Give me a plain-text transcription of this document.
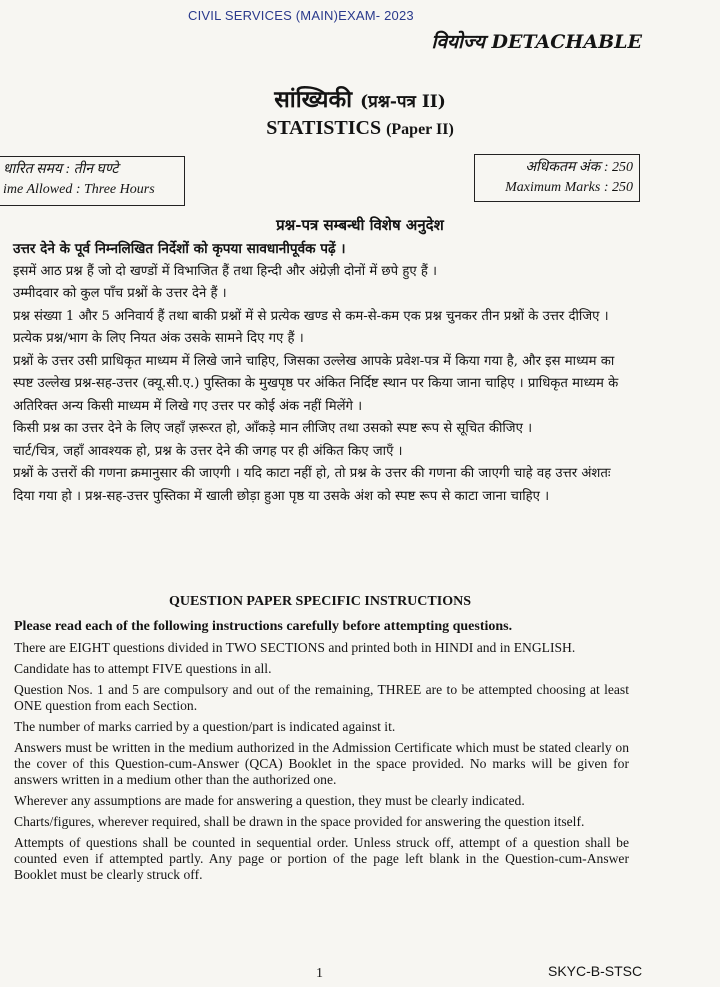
CIVIL SERVICES (MAIN)EXAM- 2023
वियोज्य DETACHABLE
सांख्यिकी (प्रश्न-पत्र II)
STATISTICS (Paper II)
धारित समय : तीन घण्टे
ime Allowed : Three Hours
अधिकतम अंक : 250
Maximum Marks : 250
प्रश्न-पत्र सम्बन्धी विशेष अनुदेश

उत्तर देने के पूर्व निम्नलिखित निर्देशों को कृपया सावधानीपूर्वक पढ़ें ।

इसमें आठ प्रश्न हैं जो दो खण्डों में विभाजित हैं तथा हिन्दी और अंग्रेज़ी दोनों में छपे हुए हैं ।

उम्मीदवार को कुल पाँच प्रश्नों के उत्तर देने हैं ।

प्रश्न संख्या 1 और 5 अनिवार्य हैं तथा बाकी प्रश्नों में से प्रत्येक खण्ड से कम-से-कम एक प्रश्न चुनकर तीन प्रश्नों के उत्तर दीजिए ।

प्रत्येक प्रश्न/भाग के लिए नियत अंक उसके सामने दिए गए हैं ।

प्रश्नों के उत्तर उसी प्राधिकृत माध्यम में लिखे जाने चाहिए, जिसका उल्लेख आपके प्रवेश-पत्र में किया गया है, और इस माध्यम का स्पष्ट उल्लेख प्रश्न-सह-उत्तर (क्यू.सी.ए.) पुस्तिका के मुखपृष्ठ पर अंकित निर्दिष्ट स्थान पर किया जाना चाहिए । प्राधिकृत माध्यम के अतिरिक्त अन्य किसी माध्यम में लिखे गए उत्तर पर कोई अंक नहीं मिलेंगे ।

किसी प्रश्न का उत्तर देने के लिए जहाँ ज़रूरत हो, आँकड़े मान लीजिए तथा उसको स्पष्ट रूप से सूचित कीजिए ।

चार्ट/चित्र, जहाँ आवश्यक हो, प्रश्न के उत्तर देने की जगह पर ही अंकित किए जाएँ ।

प्रश्नों के उत्तरों की गणना क्रमानुसार की जाएगी । यदि काटा नहीं हो, तो प्रश्न के उत्तर की गणना की जाएगी चाहे वह उत्तर अंशतः दिया गया हो । प्रश्न-सह-उत्तर पुस्तिका में खाली छोड़ा हुआ पृष्ठ या उसके अंश को स्पष्ट रूप से काटा जाना चाहिए ।

QUESTION PAPER SPECIFIC INSTRUCTIONS

Please read each of the following instructions carefully before attempting questions.

There are EIGHT questions divided in TWO SECTIONS and printed both in HINDI and in ENGLISH.

Candidate has to attempt FIVE questions in all.

Question Nos. 1 and 5 are compulsory and out of the remaining, THREE are to be attempted choosing at least ONE question from each Section.

The number of marks carried by a question/part is indicated against it.

Answers must be written in the medium authorized in the Admission Certificate which must be stated clearly on the cover of this Question-cum-Answer (QCA) Booklet in the space provided. No marks will be given for answers written in a medium other than the authorized one.

Wherever any assumptions are made for answering a question, they must be clearly indicated.

Charts/figures, wherever required, shall be drawn in the space provided for answering the question itself.

Attempts of questions shall be counted in sequential order. Unless struck off, attempt of a question shall be counted even if attempted partly. Any page or portion of the page left blank in the Question-cum-Answer Booklet must be clearly struck off.

1	SKYC-B-STSC
